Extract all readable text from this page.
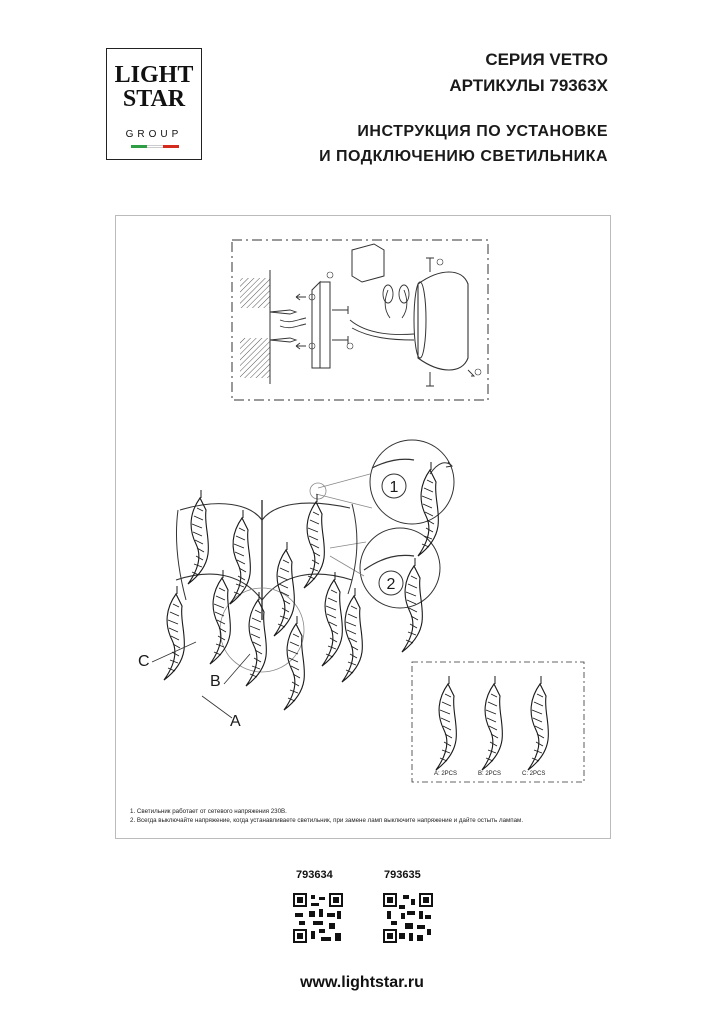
LIGHT
STAR
GROUP
СЕРИЯ VETRO
АРТИКУЛЫ 79363X
ИНСТРУКЦИЯ ПО УСТАНОВКЕ
И ПОДКЛЮЧЕНИЮ СВЕТИЛЬНИКА
1
2
C
B
A
A: 2PCS	B: 2PCS	C: 2PCS
1. Светильник работает от сетевого напряжения 230В.
2. Всегда выключайте напряжение, когда устанавливаете светильник, при замене ламп выключите напряжение и дайте остыть лампам.
793634	793635
www.lightstar.ru
